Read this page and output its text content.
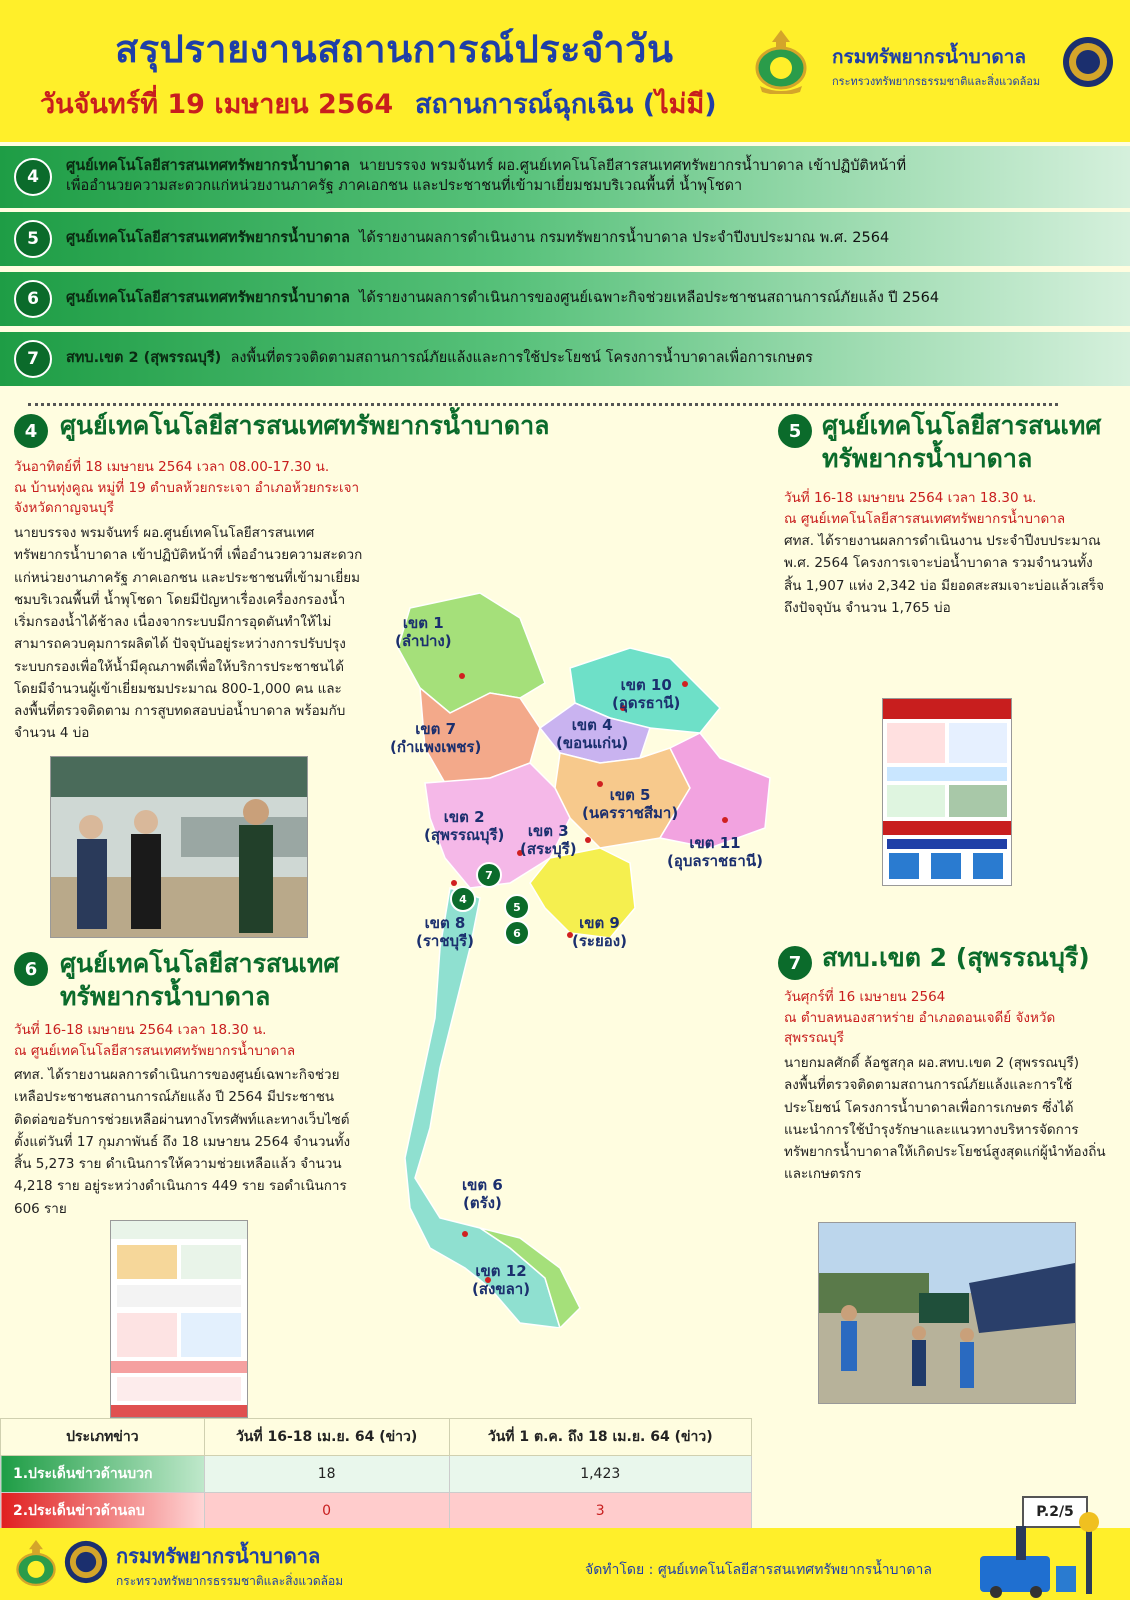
สรุปรายงานสถานการณ์ประจำวัน
วันจันทร์ที่ 19 เมษายน 2564 สถานการณ์ฉุกเฉิน (ไม่มี)
กรมทรัพยากรน้ำบาดาล
กระทรวงทรัพยากรธรรมชาติและสิ่งแวดล้อม
4
ศูนย์เทคโนโลยีสารสนเทศทรัพยากรน้ำบาดาล นายบรรจง พรมจันทร์ ผอ.ศูนย์เทคโนโลยีสารสนเทศทรัพยากรน้ำบาดาล เข้าปฏิบัติหน้าที่
เพื่ออำนวยความสะดวกแก่หน่วยงานภาครัฐ ภาคเอกชน และประชาชนที่เข้ามาเยี่ยมชมบริเวณพื้นที่ น้ำพุโชดา
5	ศูนย์เทคโนโลยีสารสนเทศทรัพยากรน้ำบาดาล ได้รายงานผลการดำเนินงาน กรมทรัพยากรน้ำบาดาล ประจำปีงบประมาณ พ.ศ. 2564
6	ศูนย์เทคโนโลยีสารสนเทศทรัพยากรน้ำบาดาล ได้รายงานผลการดำเนินการของศูนย์เฉพาะกิจช่วยเหลือประชาชนสถานการณ์ภัยแล้ง ปี 2564
7	สทบ.เขต 2 (สุพรรณบุรี) ลงพื้นที่ตรวจติดตามสถานการณ์ภัยแล้งและการใช้ประโยชน์ โครงการน้ำบาดาลเพื่อการเกษตร
4 ศูนย์เทคโนโลยีสารสนเทศทรัพยากรน้ำบาดาล
วันอาทิตย์ที่ 18 เมษายน 2564 เวลา 08.00-17.30 น.
ณ บ้านทุ่งคูณ หมู่ที่ 19 ตำบลห้วยกระเจา อำเภอห้วยกระเจา จังหวัดกาญจนบุรี
นายบรรจง พรมจันทร์ ผอ.ศูนย์เทคโนโลยีสารสนเทศทรัพยากรน้ำบาดาล เข้าปฏิบัติหน้าที่ เพื่ออำนวยความสะดวกแก่หน่วยงานภาครัฐ ภาคเอกชน และประชาชนที่เข้ามาเยี่ยมชมบริเวณพื้นที่ น้ำพุโชดา โดยมีปัญหาเรื่องเครื่องกรองน้ำเริ่มกรองน้ำได้ช้าลง เนื่องจากระบบมีการอุดตันทำให้ไม่สามารถควบคุมการผลิตได้ ปัจจุบันอยู่ระหว่างการปรับปรุงระบบกรองเพื่อให้น้ำมีคุณภาพดีเพื่อให้บริการประชาชนได้ โดยมีจำนวนผู้เข้าเยี่ยมชมประมาณ 800-1,000 คน และลงพื้นที่ตรวจติดตาม การสูบทดสอบบ่อน้ำบาดาล พร้อมกับจำนวน 4 บ่อ
6 ศูนย์เทคโนโลยีสารสนเทศ
ทรัพยากรน้ำบาดาล
วันที่ 16-18 เมษายน 2564 เวลา 18.30 น.
ณ ศูนย์เทคโนโลยีสารสนเทศทรัพยากรน้ำบาดาล
ศทส. ได้รายงานผลการดำเนินการของศูนย์เฉพาะกิจช่วยเหลือประชาชนสถานการณ์ภัยแล้ง ปี 2564 มีประชาชนติดต่อขอรับการช่วยเหลือผ่านทางโทรศัพท์และทางเว็บไซต์ ตั้งแต่วันที่ 17 กุมภาพันธ์ ถึง 18 เมษายน 2564 จำนวนทั้งสิ้น 5,273 ราย ดำเนินการให้ความช่วยเหลือแล้ว จำนวน 4,218 ราย อยู่ระหว่างดำเนินการ 449 ราย รอดำเนินการ 606 ราย
5 ศูนย์เทคโนโลยีสารสนเทศ
ทรัพยากรน้ำบาดาล
วันที่ 16-18 เมษายน 2564 เวลา 18.30 น.
ณ ศูนย์เทคโนโลยีสารสนเทศทรัพยากรน้ำบาดาล
ศทส. ได้รายงานผลการดำเนินงาน ประจำปีงบประมาณ พ.ศ. 2564 โครงการเจาะบ่อน้ำบาดาล รวมจำนวนทั้งสิ้น 1,907 แห่ง 2,342 บ่อ มียอดสะสมเจาะบ่อแล้วเสร็จถึงปัจจุบัน จำนวน 1,765 บ่อ
7 สทบ.เขต 2 (สุพรรณบุรี)
วันศุกร์ที่ 16 เมษายน 2564
ณ ตำบลหนองสาหร่าย อำเภอดอนเจดีย์ จังหวัดสุพรรณบุรี
นายกมลศักดิ์ ล้อชูสกุล ผอ.สทบ.เขต 2 (สุพรรณบุรี) ลงพื้นที่ตรวจติดตามสถานการณ์ภัยแล้งและการใช้ประโยชน์ โครงการน้ำบาดาลเพื่อการเกษตร ซึ่งได้แนะนำการใช้บำรุงรักษาและแนวทางบริหารจัดการทรัพยากรน้ำบาดาลให้เกิดประโยชน์สูงสุดแก่ผู้นำท้องถิ่นและเกษตรกร
เขต 1
(ลำปาง)
เขต 10
(อุดรธานี)
เขต 4
(ขอนแก่น)
เขต 7
(กำแพงเพชร)
เขต 5
(นครราชสีมา)
เขต 2
(สุพรรณบุรี)	เขต 3
(สระบุรี)	เขต 11
(อุบลราชธานี)
เขต 8
(ราชบุรี)
เขต 9
(ระยอง)
เขต 6
(ตรัง)
เขต 12
(สงขลา)
7
4
5
6
ประเภทข่าว	วันที่ 16-18 เม.ย. 64 (ข่าว)	วันที่ 1 ต.ค. ถึง 18 เม.ย. 64 (ข่าว)
1.ประเด็นข่าวด้านบวก	18	1,423
2.ประเด็นข่าวด้านลบ	0	3	P.2/5
กรมทรัพยากรน้ำบาดาล
กระทรวงทรัพยากรธรรมชาติและสิ่งแวดล้อม
จัดทำโดย : ศูนย์เทคโนโลยีสารสนเทศทรัพยากรน้ำบาดาล
